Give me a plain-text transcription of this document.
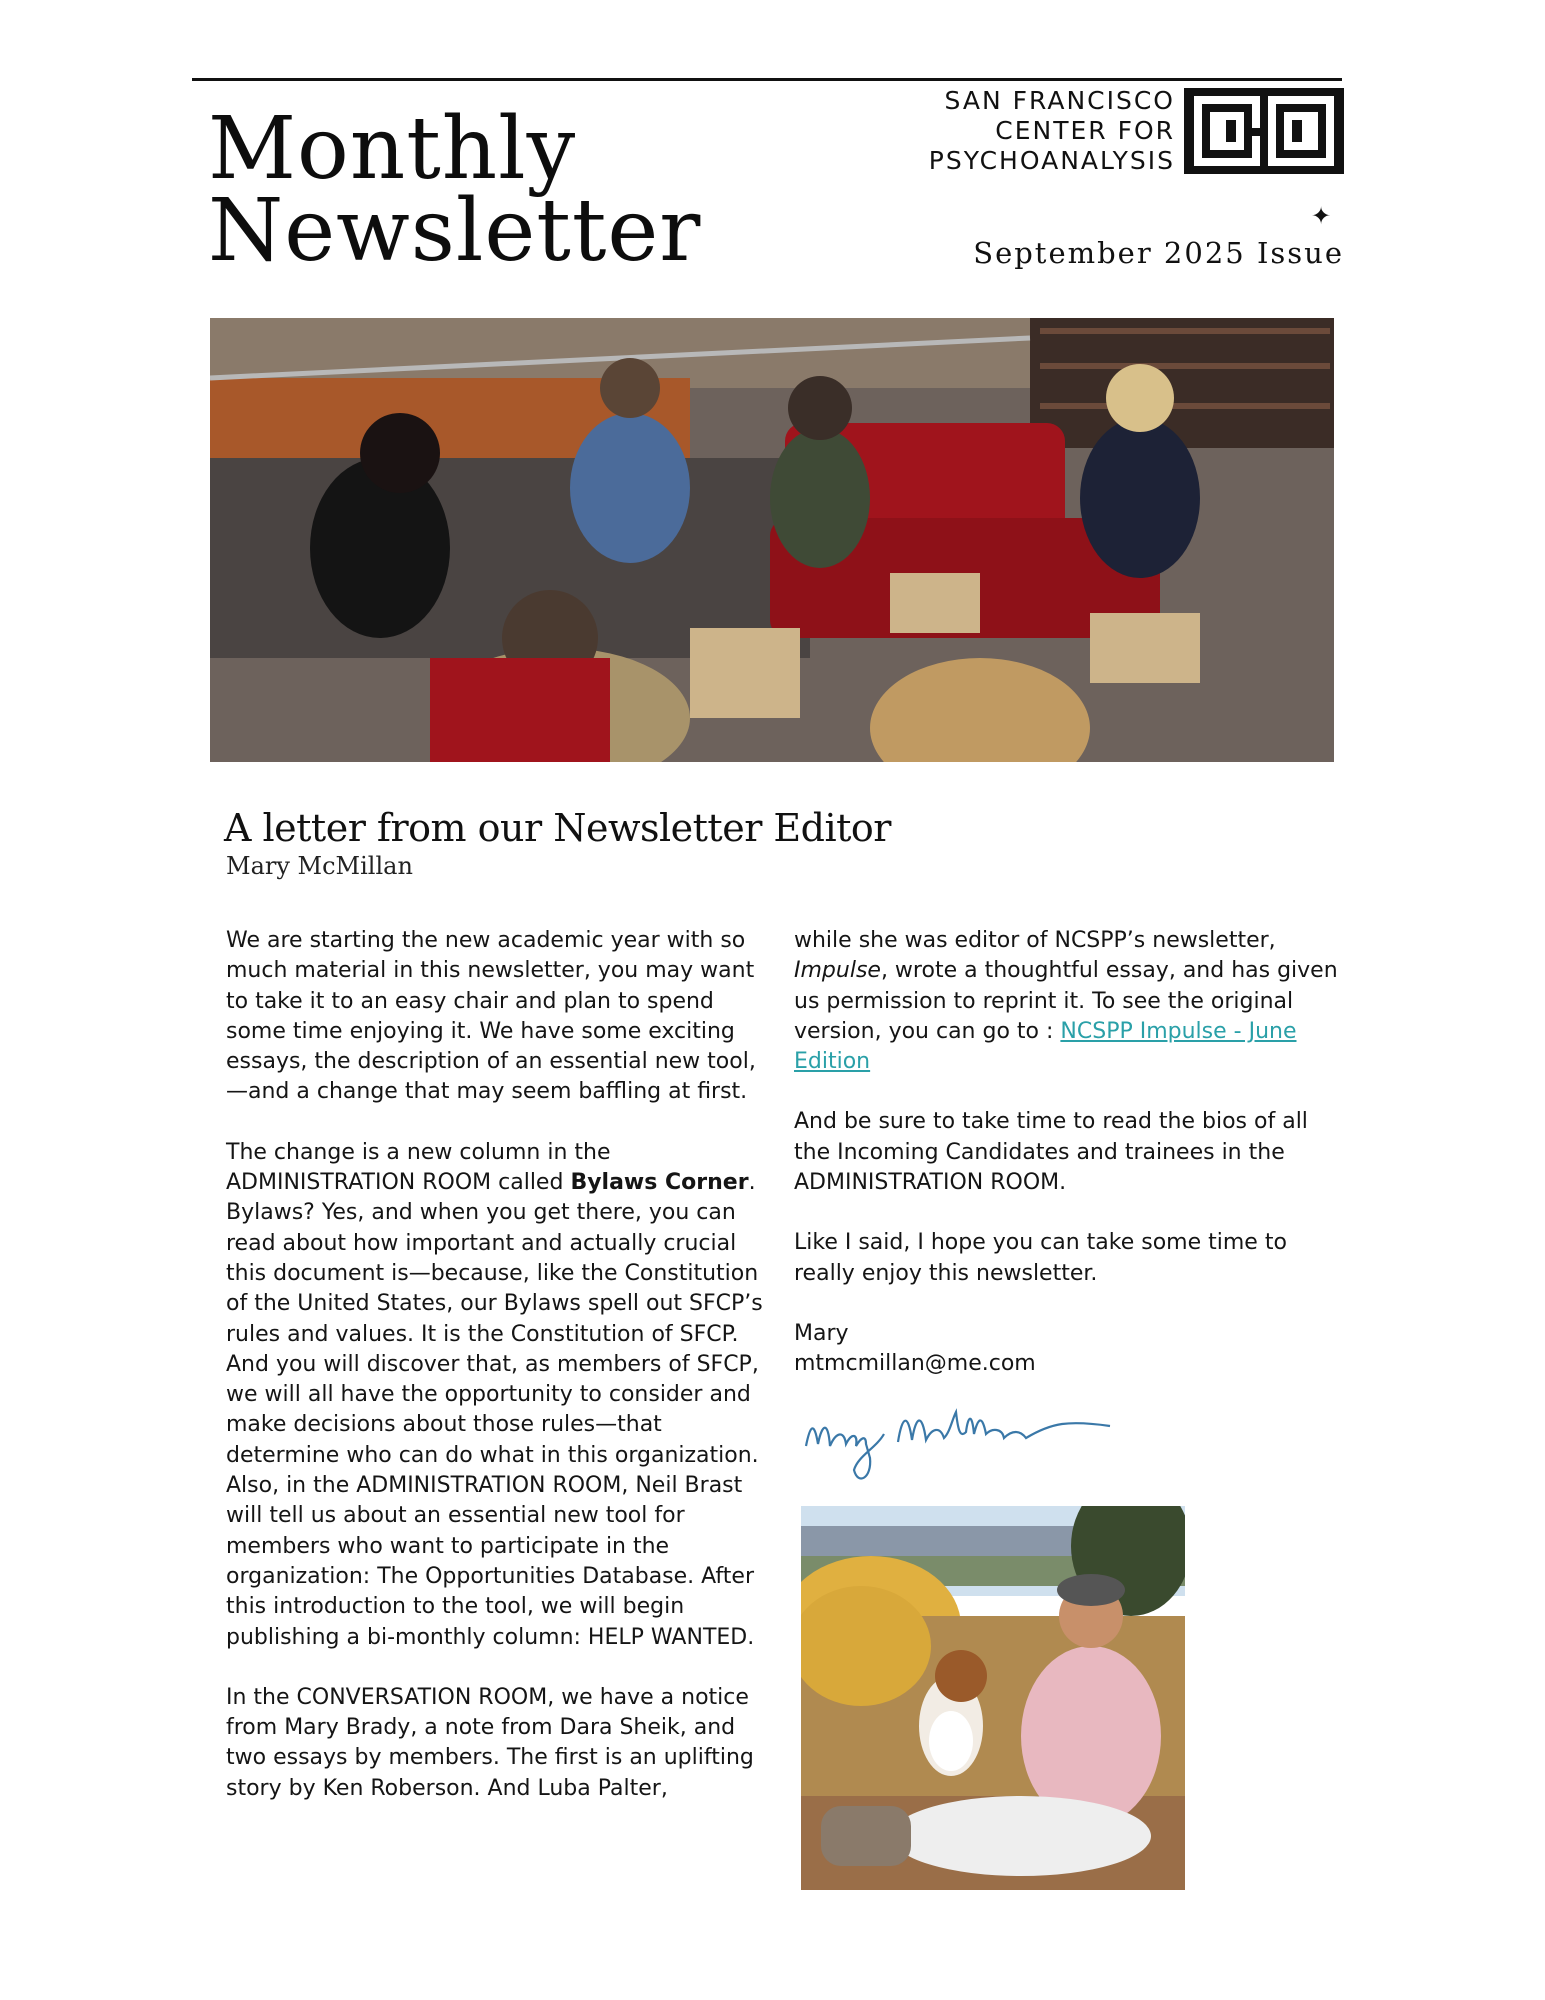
Monthly
Newsletter
SAN FRANCISCO
CENTER FOR
PSYCHOANALYSIS
✦
September 2025 Issue
A letter from our Newsletter Editor
Mary McMillan

We are starting the new academic year with so much material in this newsletter, you may want to take it to an easy chair and plan to spend some time enjoying it. We have some exciting essays, the description of an essential new tool, —and a change that may seem baffling at first.

The change is a new column in the ADMINISTRATION ROOM called Bylaws Corner. Bylaws? Yes, and when you get there, you can read about how important and actually crucial this document is—because, like the Constitution of the United States, our Bylaws spell out SFCP’s rules and values. It is the Constitution of SFCP. And you will discover that, as members of SFCP, we will all have the opportunity to consider and make decisions about those rules—that determine who can do what in this organization.

Also, in the ADMINISTRATION ROOM, Neil Brast will tell us about an essential new tool for members who want to participate in the organization: The Opportunities Database. After this introduction to the tool, we will begin publishing a bi-monthly column: HELP WANTED.

In the CONVERSATION ROOM, we have a notice from Mary Brady, a note from Dara Sheik, and two essays by members. The first is an uplifting story by Ken Roberson. And Luba Palter,

while she was editor of NCSPP’s newsletter, Impulse, wrote a thoughtful essay, and has given us permission to reprint it. To see the original version, you can go to : NCSPP Impulse - June Edition

And be sure to take time to read the bios of all the Incoming Candidates and trainees in the ADMINISTRATION ROOM.

Like I said, I hope you can take some time to really enjoy this newsletter.

Mary

mtmcmillan@me.com
